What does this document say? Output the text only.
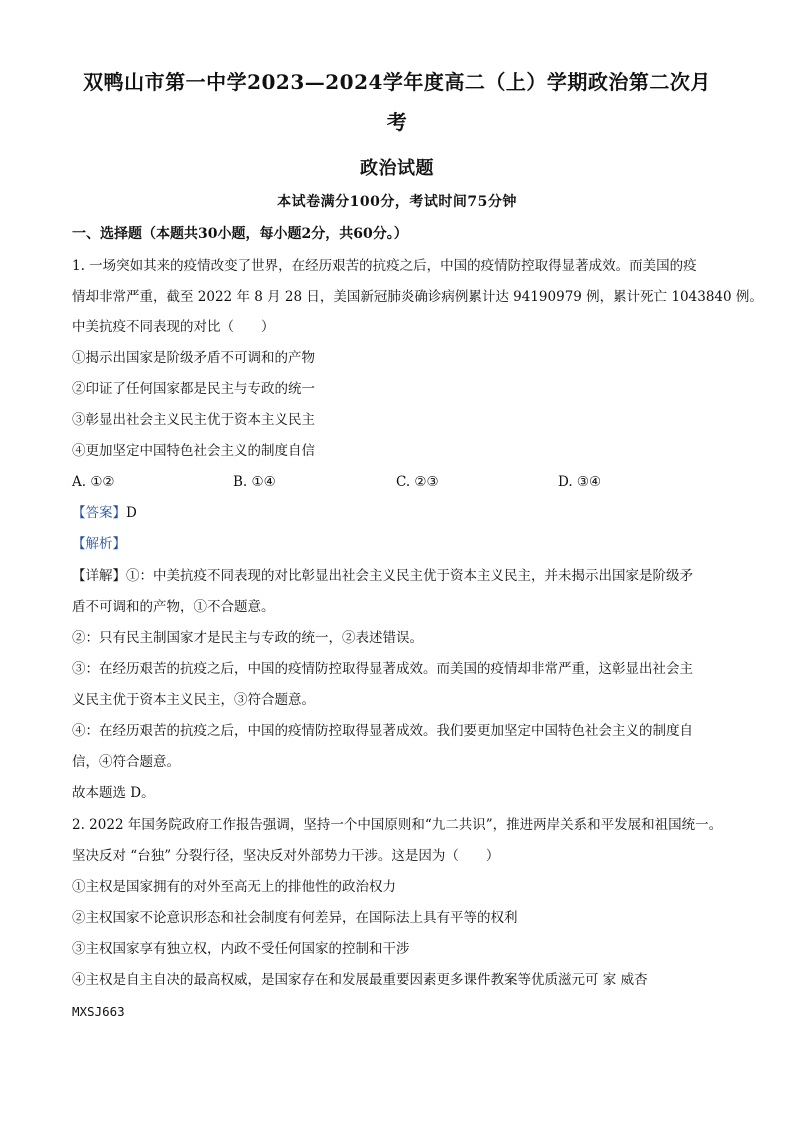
双鸭山市第一中学2023—2024学年度高二（上）学期政治第二次月
考
政治试题
本试卷满分100分，考试时间75分钟
一、选择题（本题共30小题，每小题2分，共60分。）
1. 一场突如其来的疫情改变了世界，在经历艰苦的抗疫之后，中国的疫情防控取得显著成效。而美国的疫
情却非常严重，截至 2022 年 8 月 28 日，美国新冠肺炎确诊病例累计达 94190979 例，累计死亡 1043840 例。
中美抗疫不同表现的对比（　　）
①揭示出国家是阶级矛盾不可调和的产物
②印证了任何国家都是民主与专政的统一
③彰显出社会主义民主优于资本主义民主
④更加坚定中国特色社会主义的制度自信
A. ①②	B. ①④	C. ②③	D. ③④
【答案】D
【解析】
【详解】①：中美抗疫不同表现的对比彰显出社会主义民主优于资本主义民主，并未揭示出国家是阶级矛
盾不可调和的产物，①不合题意。
②：只有民主制国家才是民主与专政的统一，②表述错误。
③：在经历艰苦的抗疫之后，中国的疫情防控取得显著成效。而美国的疫情却非常严重，这彰显出社会主
义民主优于资本主义民主，③符合题意。
④：在经历艰苦的抗疫之后，中国的疫情防控取得显著成效。我们要更加坚定中国特色社会主义的制度自
信，④符合题意。
故本题选 D。
2. 2022 年国务院政府工作报告强调，坚持一个中国原则和“九二共识”，推进两岸关系和平发展和祖国统一。
坚决反对 “台独” 分裂行径，坚决反对外部势力干涉。这是因为（　　）
①主权是国家拥有的对外至高无上的排他性的政治权力
②主权国家不论意识形态和社会制度有何差异，在国际法上具有平等的权利
③主权国家享有独立权，内政不受任何国家的控制和干涉
④主权是自主自决的最高权威，是国家存在和发展最重要因素更多课件教案等优质滋元可 家 威杏
MXSJ663
